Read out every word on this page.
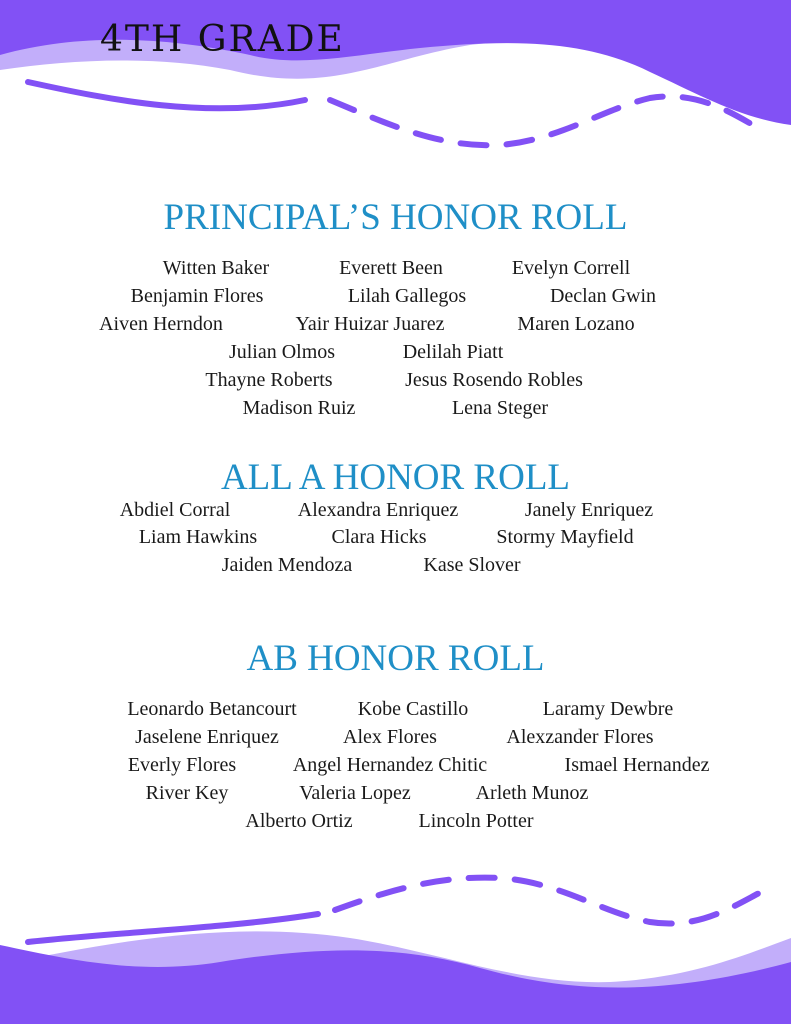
4TH GRADE
PRINCIPAL’S HONOR ROLL
Witten Baker	Everett Been	Evelyn Correll
Benjamin Flores	Lilah Gallegos	Declan Gwin
Aiven Herndon	Yair Huizar Juarez	Maren Lozano
Julian Olmos	Delilah Piatt
Thayne Roberts	Jesus Rosendo Robles
Madison Ruiz	Lena Steger
ALL A HONOR ROLL
Abdiel Corral	Alexandra Enriquez	Janely Enriquez
Liam Hawkins	Clara Hicks	Stormy Mayfield
Jaiden Mendoza	Kase Slover
AB HONOR ROLL
Leonardo Betancourt	Kobe Castillo	Laramy Dewbre
Jaselene Enriquez	Alex Flores	Alexzander Flores
Everly Flores	Angel Hernandez Chitic	Ismael Hernandez
River Key	Valeria Lopez	Arleth Munoz
Alberto Ortiz	Lincoln Potter
